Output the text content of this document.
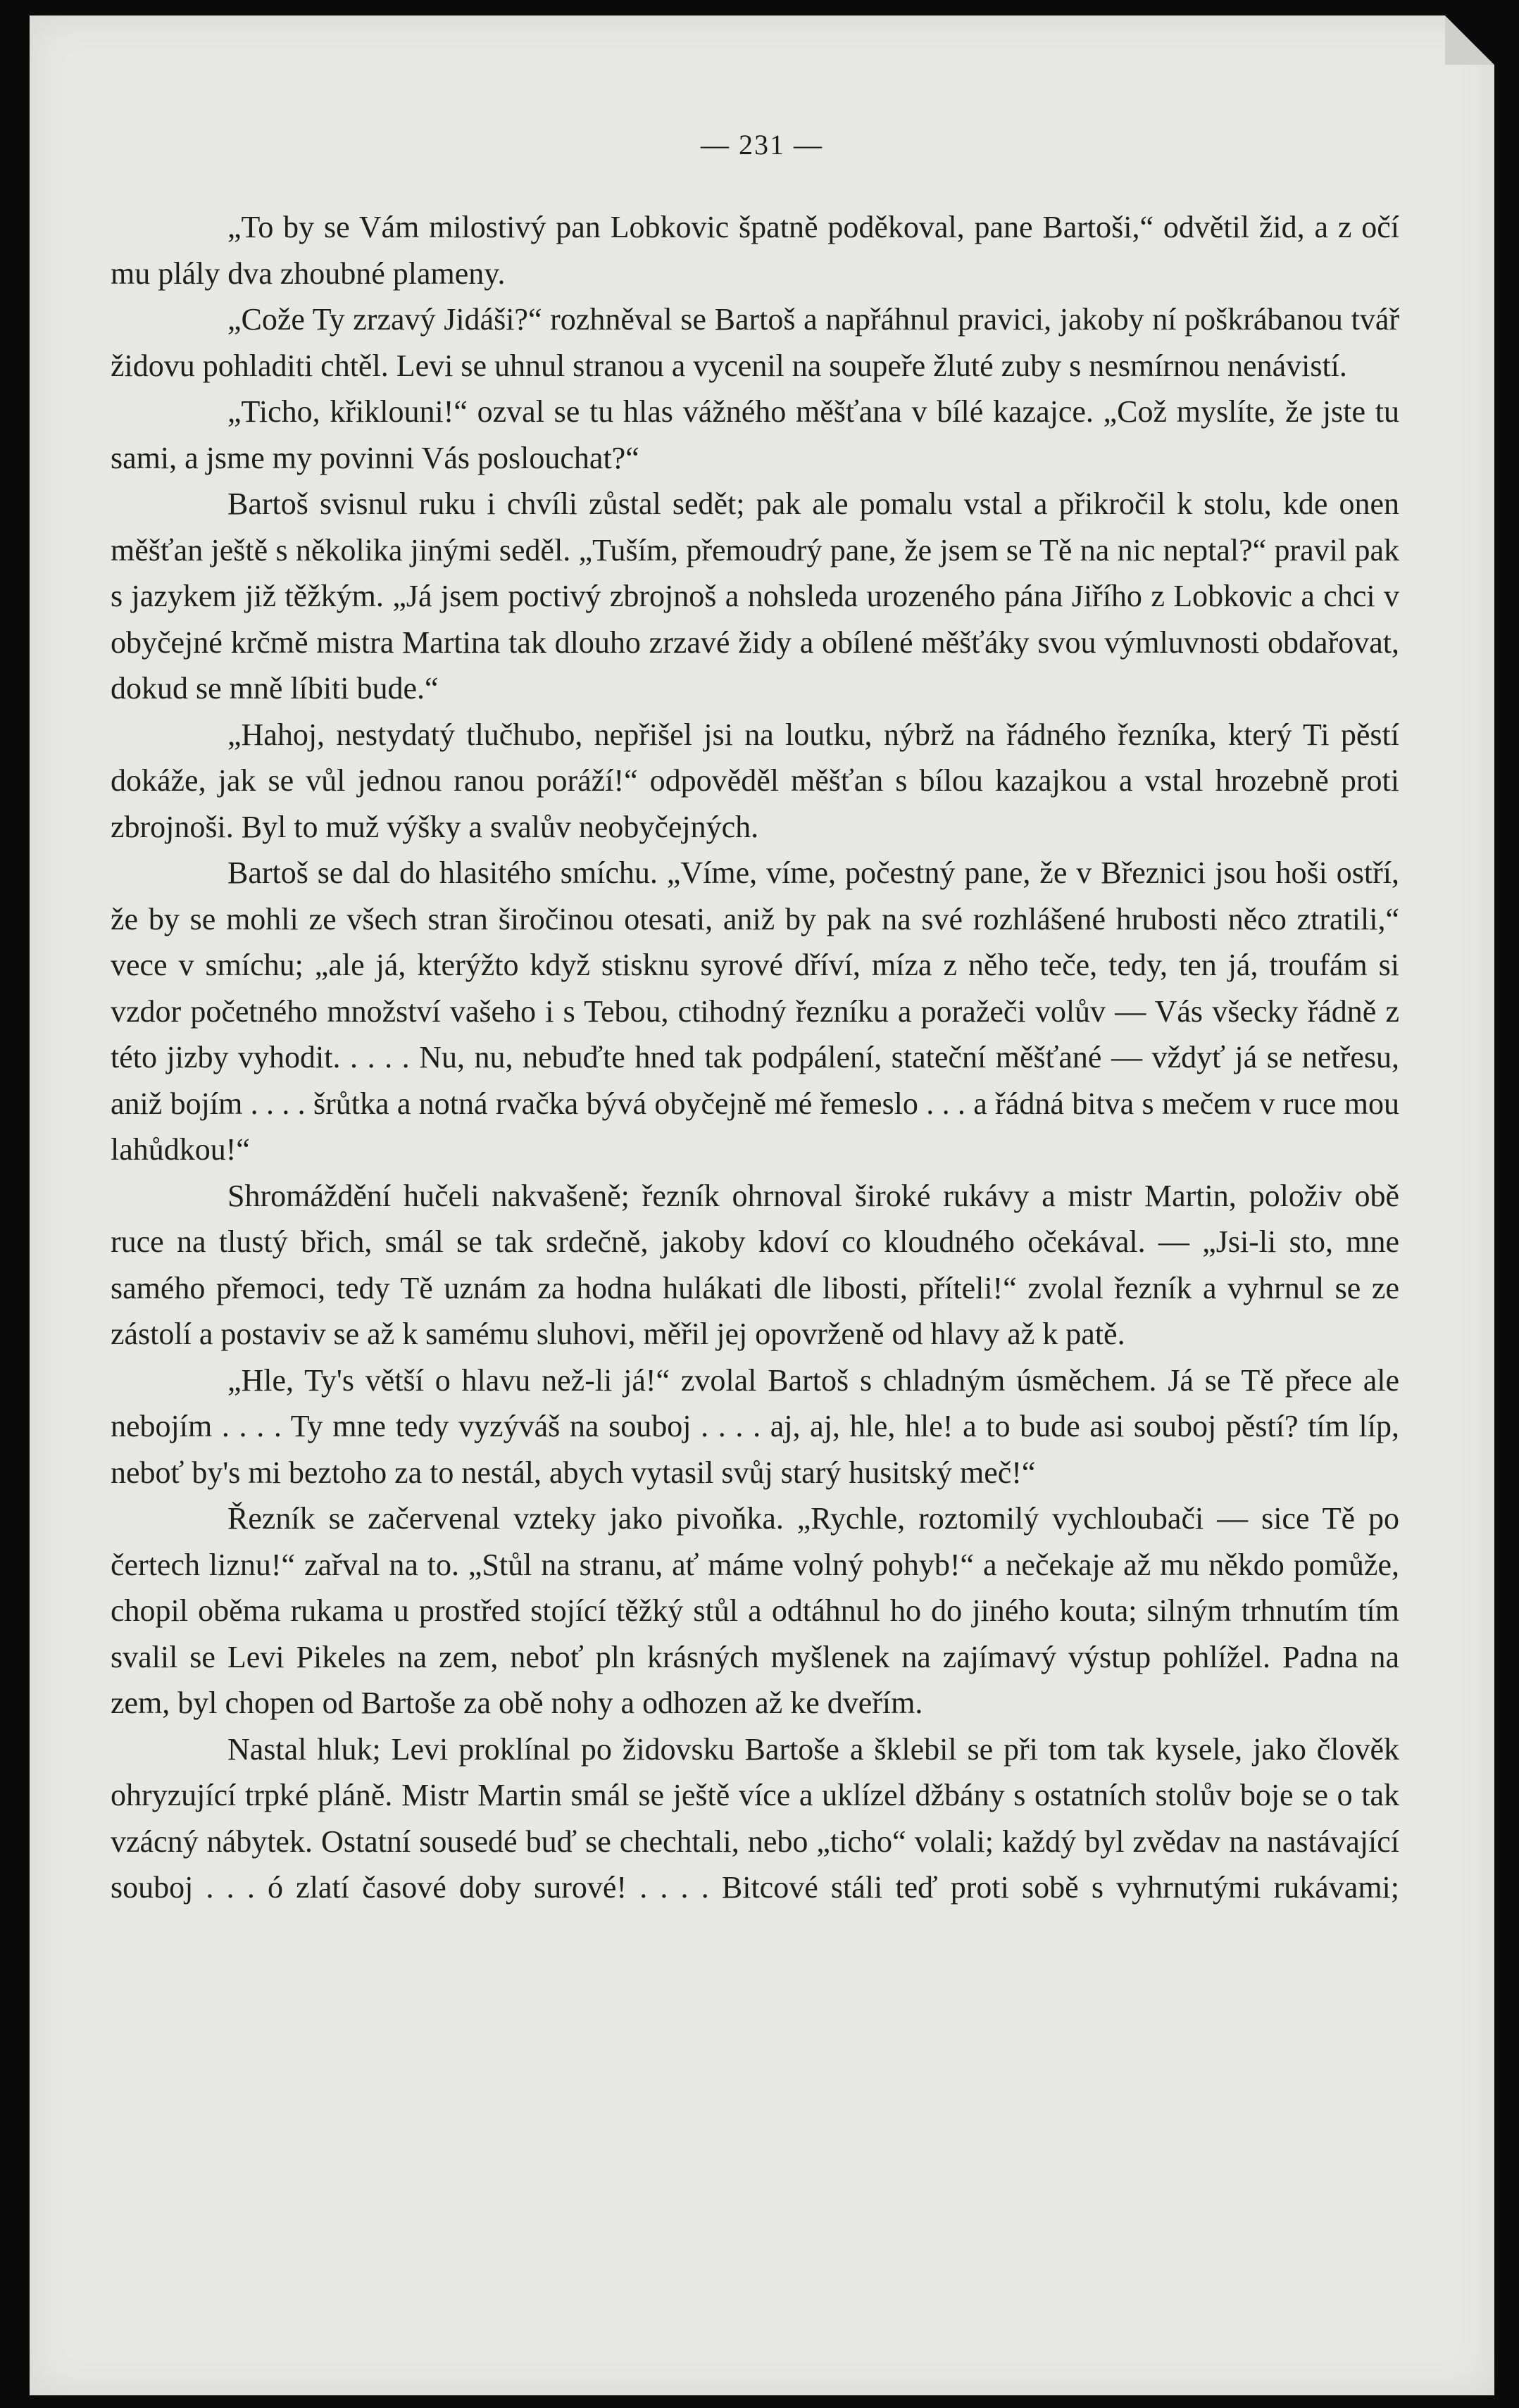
— 231 —

„To by se Vám milostivý pan Lobkovic špatně poděkoval, pane Bartoši,“ odvětil žid, a z očí mu plály dva zhoubné plameny.

„Cože Ty zrzavý Jidáši?“ rozhněval se Bartoš a napřáhnul pravici, jakoby ní poškrábanou tvář židovu pohladiti chtěl. Levi se uhnul stranou a vycenil na soupeře žluté zuby s nesmírnou nenávistí.

„Ticho, křiklouni!“ ozval se tu hlas vážného měšťana v bílé kazajce. „Což myslíte, že jste tu sami, a jsme my povinni Vás poslouchat?“

Bartoš svisnul ruku i chvíli zůstal sedět; pak ale pomalu vstal a přikročil k stolu, kde onen měšťan ještě s několika jinými seděl. „Tuším, přemoudrý pane, že jsem se Tě na nic neptal?“ pravil pak s jazykem již těžkým. „Já jsem poctivý zbrojnoš a nohsleda urozeného pána Jiřího z Lobkovic a chci v obyčejné krčmě mistra Martina tak dlouho zrzavé židy a obílené měšťáky svou výmluvnosti obdařovat, dokud se mně líbiti bude.“

„Hahoj, nestydatý tlučhubo, nepřišel jsi na loutku, nýbrž na řádného řezníka, který Ti pěstí dokáže, jak se vůl jednou ranou poráží!“ odpověděl měšťan s bílou kazajkou a vstal hrozebně proti zbrojnoši. Byl to muž výšky a svalův neobyčejných.

Bartoš se dal do hlasitého smíchu. „Víme, víme, počestný pane, že v Březnici jsou hoši ostří, že by se mohli ze všech stran širočinou otesati, aniž by pak na své rozhlášené hrubosti něco ztratili,“ vece v smíchu; „ale já, kterýžto když stisknu syrové dříví, míza z něho teče, tedy, ten já, troufám si vzdor početného množství vašeho i s Tebou, ctihodný řezníku a poražeči volův — Vás všecky řádně z této jizby vyhodit. . . . . Nu, nu, nebuďte hned tak podpálení, stateční měšťané — vždyť já se netřesu, aniž bojím . . . . šrůtka a notná rvačka bývá obyčejně mé řemeslo . . . a řádná bitva s mečem v ruce mou lahůdkou!“

Shromáždění hučeli nakvašeně; řezník ohrnoval široké rukávy a mistr Martin, položiv obě ruce na tlustý břich, smál se tak srdečně, jakoby kdoví co kloudného očekával. — „Jsi-li sto, mne samého přemoci, tedy Tě uznám za hodna hulákati dle libosti, příteli!“ zvolal řezník a vyhrnul se ze zástolí a postaviv se až k samému sluhovi, měřil jej opovrženě od hlavy až k patě.

„Hle, Ty's větší o hlavu než-li já!“ zvolal Bartoš s chladným úsměchem. Já se Tě přece ale nebojím . . . . Ty mne tedy vyzýváš na souboj . . . . aj, aj, hle, hle! a to bude asi souboj pěstí? tím líp, neboť by's mi beztoho za to nestál, abych vytasil svůj starý husitský meč!“

Řezník se začervenal vzteky jako pivoňka. „Rychle, roztomilý vychloubači — sice Tě po čertech liznu!“ zařval na to. „Stůl na stranu, ať máme volný pohyb!“ a nečekaje až mu někdo pomůže, chopil oběma rukama u prostřed stojící těžký stůl a odtáhnul ho do jiného kouta; silným trhnutím tím svalil se Levi Pikeles na zem, neboť pln krásných myšlenek na zajímavý výstup pohlížel. Padna na zem, byl chopen od Bartoše za obě nohy a odhozen až ke dveřím.

Nastal hluk; Levi proklínal po židovsku Bartoše a šklebil se při tom tak kysele, jako člověk ohryzující trpké pláně. Mistr Martin smál se ještě více a uklízel džbány s ostatních stolův boje se o tak vzácný nábytek. Ostatní sousedé buď se chechtali, nebo „ticho“ volali; každý byl zvědav na nastávající souboj . . . ó zlatí časové doby surové! . . . . Bitcové stáli teď proti sobě s vyhrnutými rukávami;
